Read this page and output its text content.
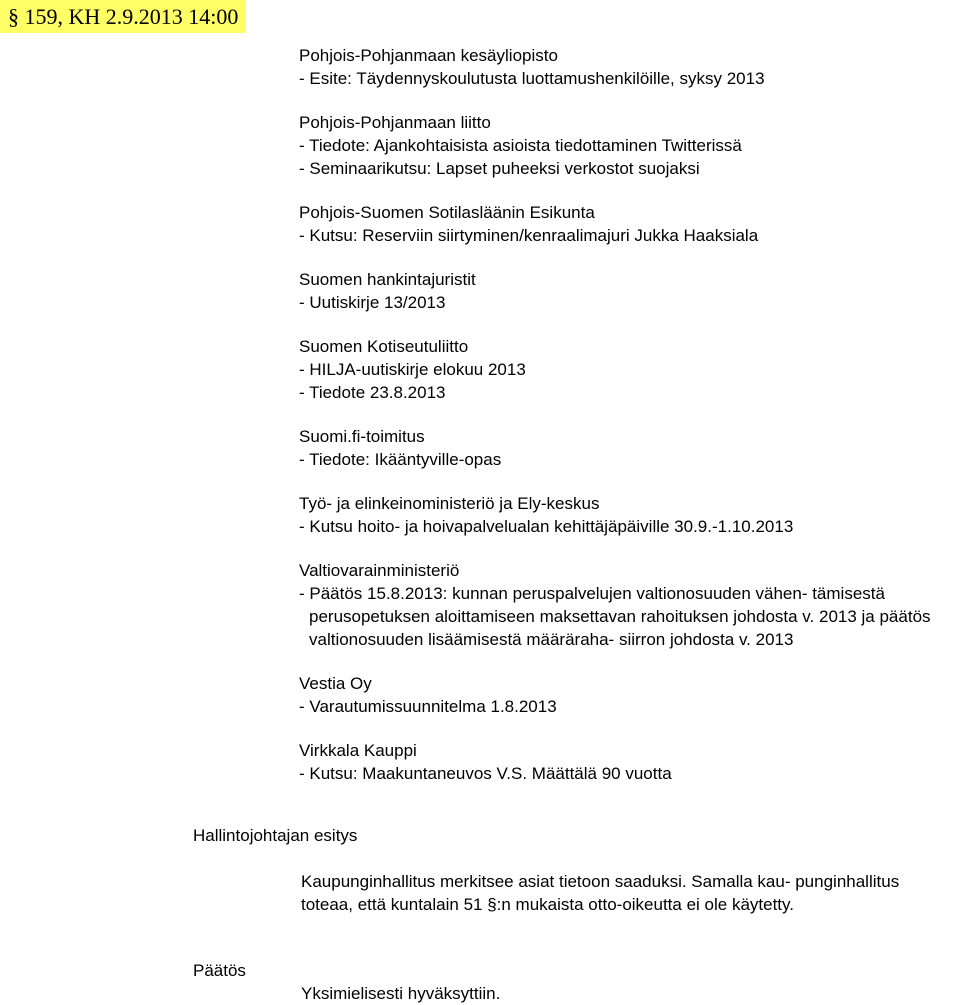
§ 159, KH 2.9.2013 14:00
Pohjois-Pohjanmaan kesäyliopisto
- Esite: Täydennyskoulutusta luottamushenkilöille, syksy 2013
Pohjois-Pohjanmaan liitto
- Tiedote: Ajankohtaisista asioista tiedottaminen Twitterissä
- Seminaarikutsu: Lapset puheeksi verkostot suojaksi
Pohjois-Suomen Sotilasläänin Esikunta
- Kutsu: Reserviin siirtyminen/kenraalimajuri Jukka Haaksiala
Suomen hankintajuristit
- Uutiskirje 13/2013
Suomen Kotiseutuliitto
- HILJA-uutiskirje elokuu 2013
- Tiedote 23.8.2013
Suomi.fi-toimitus
- Tiedote: Ikääntyville-opas
Työ- ja elinkeinoministeriö ja Ely-keskus
- Kutsu hoito- ja hoivapalvelualan kehittäjäpäiville 30.9.-1.10.2013
Valtiovarainministeriö
- Päätös 15.8.2013: kunnan peruspalvelujen valtionosuuden vähen- tämisestä perusopetuksen aloittamiseen maksettavan rahoituksen johdosta v. 2013 ja päätös valtionosuuden lisäämisestä määräraha- siirron johdosta v. 2013
Vestia Oy
- Varautumissuunnitelma 1.8.2013
Virkkala Kauppi
- Kutsu: Maakuntaneuvos V.S. Määttälä 90 vuotta
Hallintojohtajan esitys
Kaupunginhallitus merkitsee asiat tietoon saaduksi. Samalla kau- punginhallitus toteaa, että kuntalain 51 §:n mukaista otto-oikeutta ei ole käytetty.
Päätös
Yksimielisesti hyväksyttiin.
